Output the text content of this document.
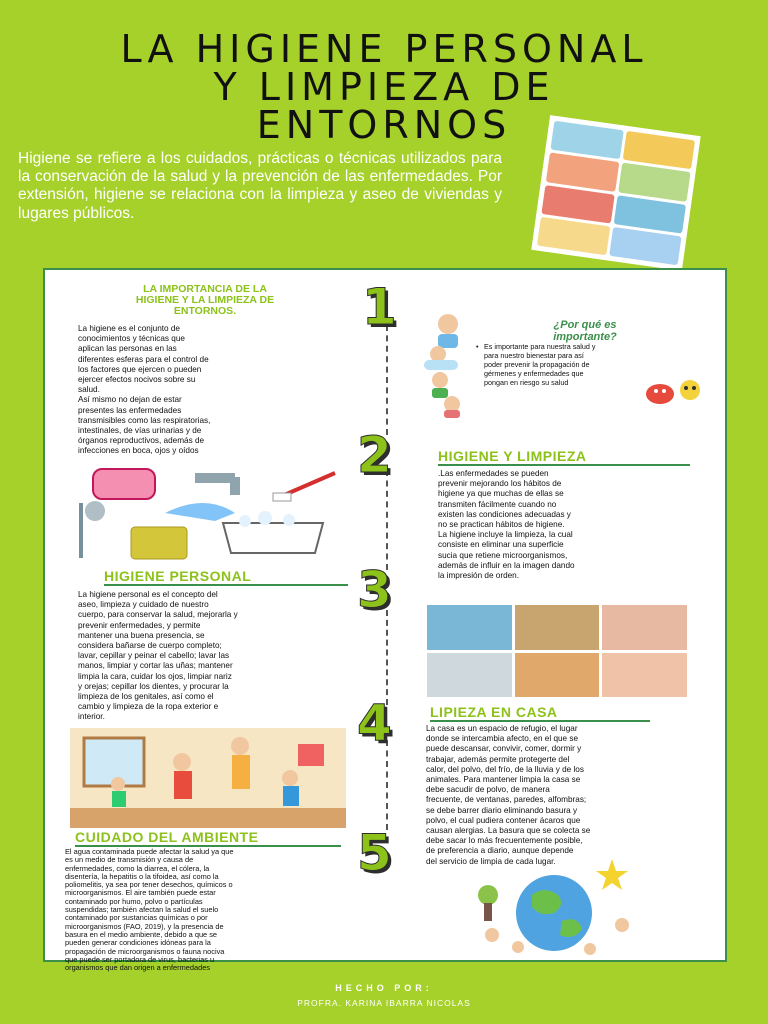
LA HIGIENE PERSONAL
Y LIMPIEZA DE
ENTORNOS
Higiene se refiere a los cuidados, prácticas o técnicas utilizados para la conservación de la salud y la prevención de las enfermedades. Por extensión, higiene se relaciona con la limpieza y aseo de viviendas y lugares públicos.
1
2
3
4
5
LA IMPORTANCIA DE LA
HIGIENE Y LA LIMPIEZA DE
ENTORNOS.
La higiene es el conjunto de
conocimientos y técnicas que
aplican las personas en las
diferentes esferas para el control de
los factores que ejercen o pueden
ejercer efectos nocivos sobre su
salud.
Así mismo no dejan de estar
presentes las enfermedades
transmisibles como las respiratorias,
intestinales, de vías urinarias y de
órganos reproductivos, además de
infecciones en boca, ojos y oídos
¿Por qué es
importante?
• Es importante para nuestra salud y
para nuestro bienestar para así
poder prevenir la propagación de
gérmenes y enfermedades que
pongan en riesgo su salud
HIGIENE Y LIMPIEZA
.Las enfermedades se pueden
prevenir mejorando los hábitos de
higiene ya que muchas de ellas se
transmiten fácilmente cuando no
existen las condiciones adecuadas y
no se practican hábitos de higiene.
La higiene incluye la limpieza, la cual
consiste en eliminar una superficie
sucia que retiene microorganismos,
además de influir en la imagen dando
la impresión de orden.
HIGIENE PERSONAL
La higiene personal es el concepto del
aseo, limpieza y cuidado de nuestro
cuerpo, para conservar la salud, mejorarla y
prevenir enfermedades, y permite
mantener una buena presencia, se
considera bañarse de cuerpo completo;
lavar, cepillar y peinar el cabello; lavar las
manos, limpiar y cortar las uñas; mantener
limpia la cara, cuidar los ojos, limpiar nariz
y orejas; cepillar los dientes, y procurar la
limpieza de los genitales, así como el
cambio y limpieza de la ropa exterior e
interior.	LIPIEZA EN CASA
La casa es un espacio de refugio, el lugar
donde se intercambia afecto, en el que se
puede descansar, convivir, comer, dormir y
trabajar, además permite protegerte del
calor, del polvo, del frío, de la lluvia y de los
animales. Para mantener limpia la casa se
debe sacudir de polvo, de manera
frecuente, de ventanas, paredes, alfombras;
se debe barrer diario eliminando basura y
polvo, el cual pudiera contener ácaros que
causan alergias. La basura que se colecta se
debe sacar lo más frecuentemente posible,
de preferencia a diario, aunque depende
del servicio de limpia de cada lugar.
CUIDADO DEL AMBIENTE
El agua contaminada puede afectar la salud ya que
es un medio de transmisión y causa de
enfermedades, como la diarrea, el cólera, la
disentería, la hepatitis o la tifoidea, así como la
poliomelitis, ya sea por tener desechos, químicos o
microorganismos. El aire también puede estar
contaminado por humo, polvo o partículas
suspendidas; también afectan la salud el suelo
contaminado por sustancias químicas o por
microorganismos (FAO, 2019), y la presencia de
basura en el medio ambiente, debido a que se
pueden generar condiciones idóneas para la
propagación de microorganismos o fauna nociva
que puede ser portadora de virus, bacterias u
organismos que dan origen a enfermedades
HECHO POR:
PROFRA. KARINA IBARRA NICOLAS
